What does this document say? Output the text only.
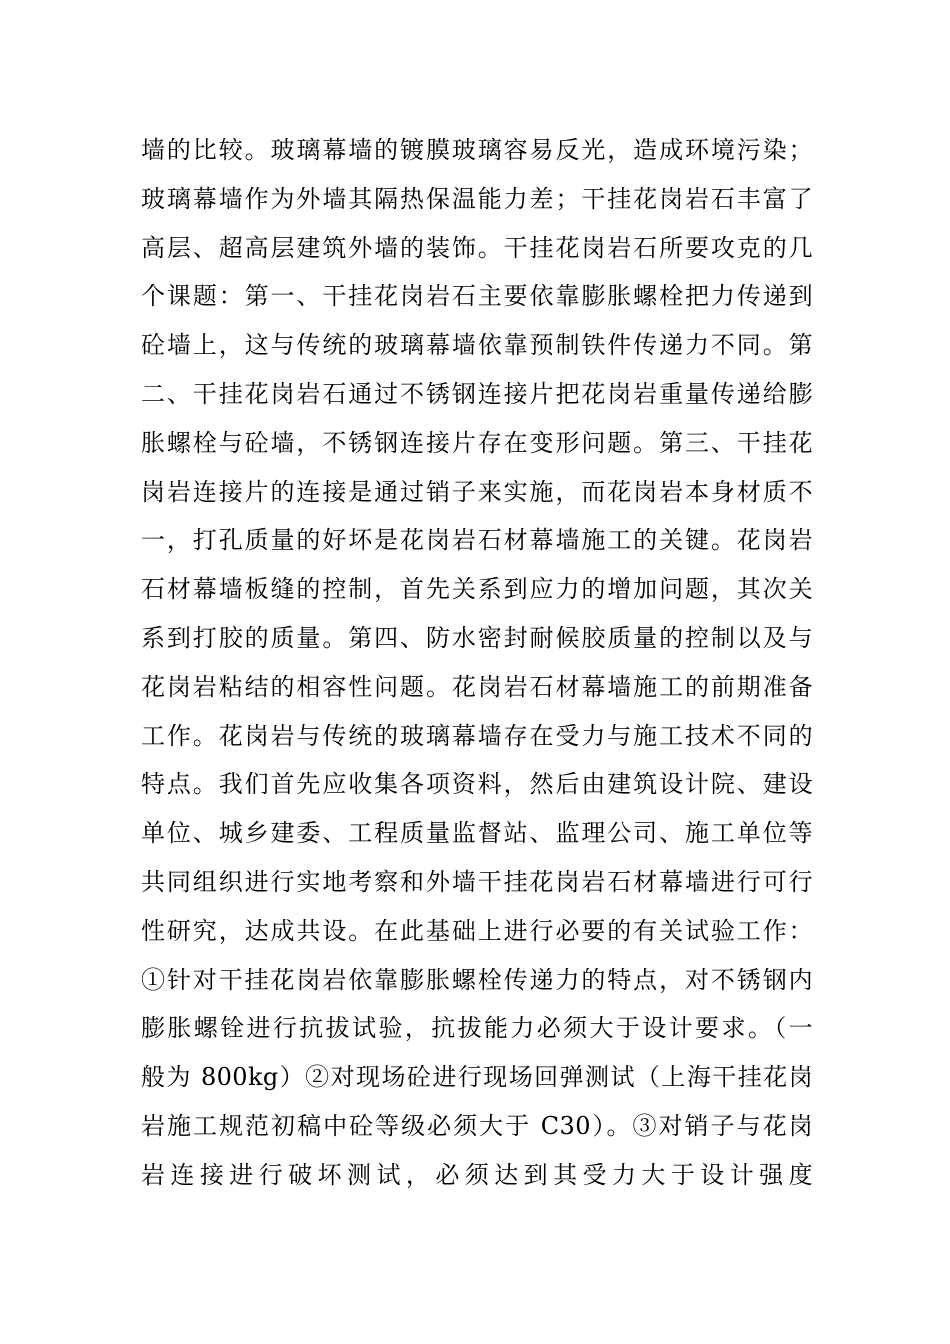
墙的比较。玻璃幕墙的镀膜玻璃容易反光，造成环境污染；
玻璃幕墙作为外墙其隔热保温能力差；干挂花岗岩石丰富了
高层、超高层建筑外墙的装饰。干挂花岗岩石所要攻克的几
个课题：第一、干挂花岗岩石主要依靠膨胀螺栓把力传递到
砼墙上，这与传统的玻璃幕墙依靠预制铁件传递力不同。第
二、干挂花岗岩石通过不锈钢连接片把花岗岩重量传递给膨
胀螺栓与砼墙，不锈钢连接片存在变形问题。第三、干挂花
岗岩连接片的连接是通过销子来实施，而花岗岩本身材质不
一，打孔质量的好坏是花岗岩石材幕墙施工的关键。花岗岩
石材幕墙板缝的控制，首先关系到应力的增加问题，其次关
系到打胶的质量。第四、防水密封耐候胶质量的控制以及与
花岗岩粘结的相容性问题。花岗岩石材幕墙施工的前期准备
工作。花岗岩与传统的玻璃幕墙存在受力与施工技术不同的
特点。我们首先应收集各项资料，然后由建筑设计院、建设
单位、城乡建委、工程质量监督站、监理公司、施工单位等
共同组织进行实地考察和外墙干挂花岗岩石材幕墙进行可行
性研究，达成共设。在此基础上进行必要的有关试验工作：
①针对干挂花岗岩依靠膨胀螺栓传递力的特点，对不锈钢内
膨胀螺铨进行抗拔试验，抗拔能力必须大于设计要求。（一
般为 800kg）②对现场砼进行现场回弹测试（上海干挂花岗
岩施工规范初稿中砼等级必须大于 C30）。③对销子与花岗
岩连接进行破坏测试，必须达到其受力大于设计强度
